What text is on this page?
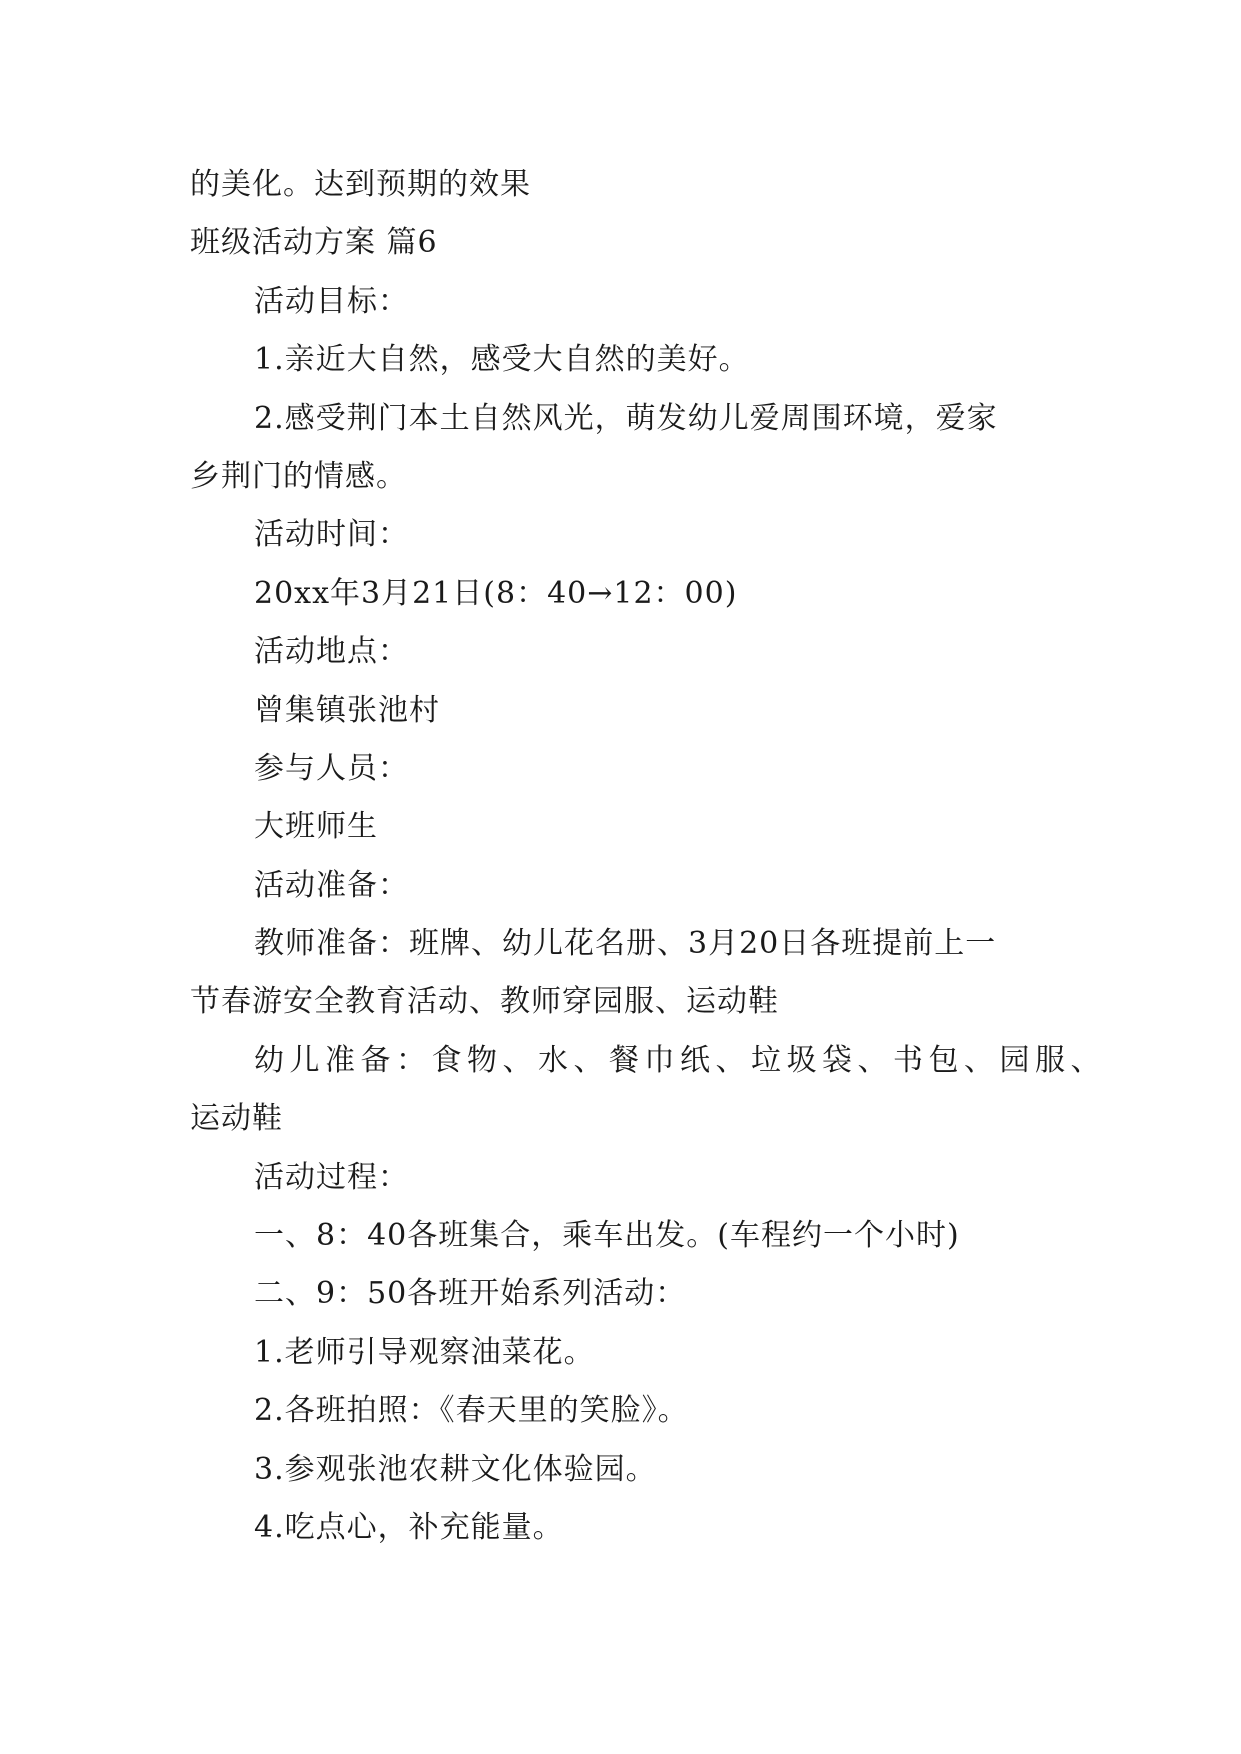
的美化。达到预期的效果
班级活动方案 篇6
活动目标：
1.亲近大自然，感受大自然的美好。
2.感受荆门本土自然风光，萌发幼儿爱周围环境，爱家
乡荆门的情感。
活动时间：
20xx年3月21日(8：40→12：00)
活动地点：
曾集镇张池村
参与人员：
大班师生
活动准备：
教师准备：班牌、幼儿花名册、3月20日各班提前上一
节春游安全教育活动、教师穿园服、运动鞋
幼儿准备：食物、水、餐巾纸、垃圾袋、书包、园服、
运动鞋
活动过程：
一、8：40各班集合，乘车出发。(车程约一个小时)
二、9：50各班开始系列活动：
1.老师引导观察油菜花。
2.各班拍照：《春天里的笑脸》。
3.参观张池农耕文化体验园。
4.吃点心，补充能量。
